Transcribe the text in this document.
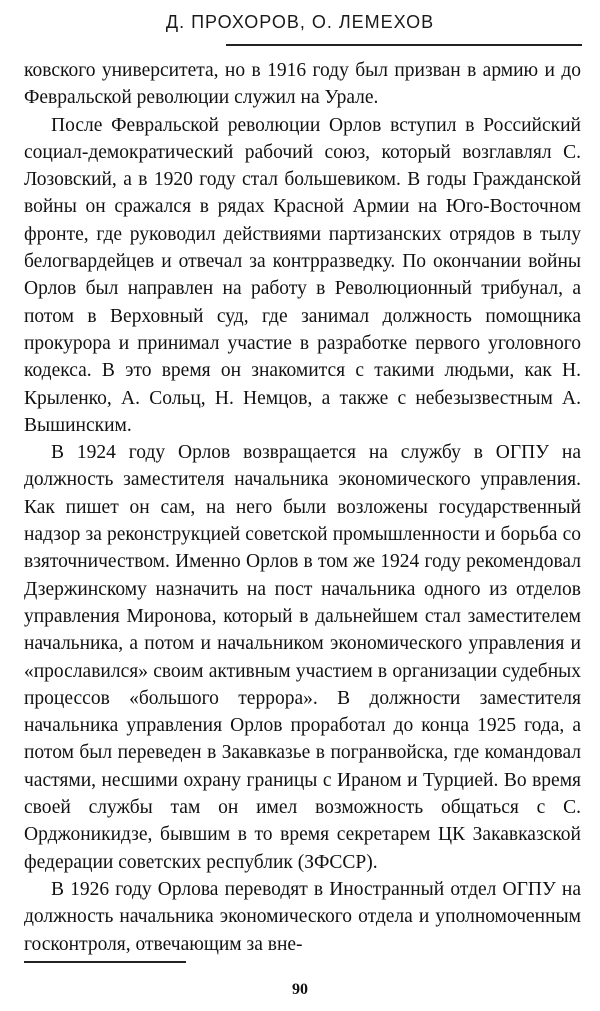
Д. ПРОХОРОВ, О. ЛЕМЕХОВ

ковского университета, но в 1916 году был призван в армию и до Февральской революции служил на Урале.

После Февральской революции Орлов вступил в Российский социал-демократический рабочий союз, который возглавлял С. Лозовский, а в 1920 году стал большевиком. В годы Гражданской войны он сражался в рядах Красной Армии на Юго-Восточном фронте, где руководил действиями партизанских отрядов в тылу белогвардейцев и отвечал за контрразведку. По окончании войны Орлов был направлен на работу в Революционный трибунал, а потом в Верховный суд, где занимал должность помощника прокурора и принимал участие в разработке первого уголовного кодекса. В это время он знакомится с такими людьми, как Н. Крыленко, А. Сольц, Н. Немцов, а также с небезызвестным А. Вышинским.

В 1924 году Орлов возвращается на службу в ОГПУ на должность заместителя начальника экономического управления. Как пишет он сам, на него были возложены государственный надзор за реконструкцией советской промышленности и борьба со взяточничеством. Именно Орлов в том же 1924 году рекомендовал Дзержинскому назначить на пост начальника одного из отделов управления Миронова, который в дальнейшем стал заместителем начальника, а потом и начальником экономического управления и «прославился» своим активным участием в организации судебных процессов «большого террора». В должности заместителя начальника управления Орлов проработал до конца 1925 года, а потом был переведен в Закавказье в погранвойска, где командовал частями, несшими охрану границы с Ираном и Турцией. Во время своей службы там он имел возможность общаться с С. Орджоникидзе, бывшим в то время секретарем ЦК Закавказской федерации советских республик (ЗФССР).

В 1926 году Орлова переводят в Иностранный отдел ОГПУ на должность начальника экономического отдела и уполномоченным госконтроля, отвечающим за вне-

90
